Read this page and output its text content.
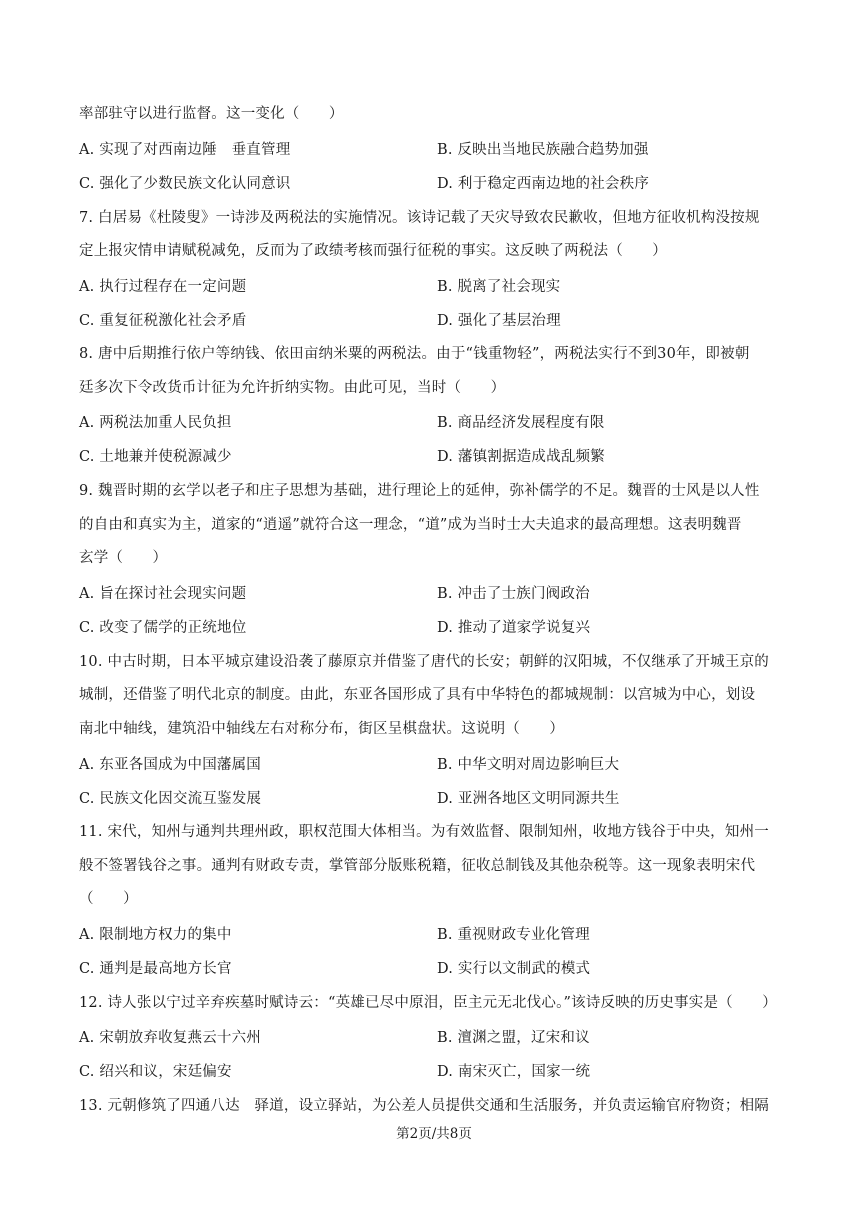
率部驻守以进行监督。这一变化（　　）
A. 实现了对西南边陲　垂直管理	B. 反映出当地民族融合趋势加强
C. 强化了少数民族文化认同意识	D. 利于稳定西南边地的社会秩序
7. 白居易《杜陵叟》一诗涉及两税法的实施情况。该诗记载了天灾导致农民歉收，但地方征收机构没按规
定上报灾情申请赋税减免，反而为了政绩考核而强行征税的事实。这反映了两税法（　　）
A. 执行过程存在一定问题	B. 脱离了社会现实
C. 重复征税激化社会矛盾	D. 强化了基层治理
8. 唐中后期推行依户等纳钱、依田亩纳米粟的两税法。由于“钱重物轻”，两税法实行不到30年，即被朝
廷多次下令改货币计征为允许折纳实物。由此可见，当时（　　）
A. 两税法加重人民负担	B. 商品经济发展程度有限
C. 土地兼并使税源减少	D. 藩镇割据造成战乱频繁
9. 魏晋时期的玄学以老子和庄子思想为基础，进行理论上的延伸，弥补儒学的不足。魏晋的士风是以人性
的自由和真实为主，道家的“逍遥”就符合这一理念，“道”成为当时士大夫追求的最高理想。这表明魏晋
玄学（　　）
A. 旨在探讨社会现实问题	B. 冲击了士族门阀政治
C. 改变了儒学的正统地位	D. 推动了道家学说复兴
10. 中古时期，日本平城京建设沿袭了藤原京并借鉴了唐代的长安；朝鲜的汉阳城，不仅继承了开城王京的
城制，还借鉴了明代北京的制度。由此，东亚各国形成了具有中华特色的都城规制：以宫城为中心，划设
南北中轴线，建筑沿中轴线左右对称分布，街区呈棋盘状。这说明（　　）
A. 东亚各国成为中国藩属国	B. 中华文明对周边影响巨大
C. 民族文化因交流互鉴发展	D. 亚洲各地区文明同源共生
11. 宋代，知州与通判共理州政，职权范围大体相当。为有效监督、限制知州，收地方钱谷于中央，知州一
般不签署钱谷之事。通判有财政专责，掌管部分版账税籍，征收总制钱及其他杂税等。这一现象表明宋代
（　　）
A. 限制地方权力的集中	B. 重视财政专业化管理
C. 通判是最高地方长官	D. 实行以文制武的模式
12. 诗人张以宁过辛弃疾墓时赋诗云：“英雄已尽中原泪，臣主元无北伐心。”该诗反映的历史事实是（　　）
A. 宋朝放弃收复燕云十六州	B. 澶渊之盟，辽宋和议
C. 绍兴和议，宋廷偏安	D. 南宋灭亡，国家一统
13. 元朝修筑了四通八达　驿道，设立驿站，为公差人员提供交通和生活服务，并负责运输官府物资；相隔
第2页/共8页
